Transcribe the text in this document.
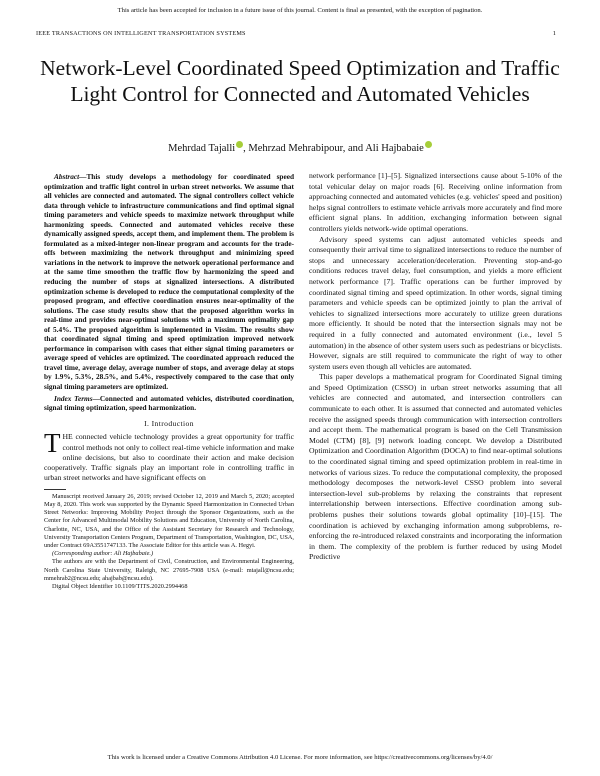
This article has been accepted for inclusion in a future issue of this journal. Content is final as presented, with the exception of pagination.
IEEE TRANSACTIONS ON INTELLIGENT TRANSPORTATION SYSTEMS	1
Network-Level Coordinated Speed Optimization and Traffic Light Control for Connected and Automated Vehicles
Mehrdad Tajalli , Mehrzad Mehrabipour, and Ali Hajbabaie

Abstract—This study develops a methodology for coordinated speed optimization and traffic light control in urban street networks. We assume that all vehicles are connected and automated. The signal controllers collect vehicle data through vehicle to infrastructure communications and find optimal signal timing parameters and vehicle speeds to maximize network throughput while harmonizing speeds. Connected and automated vehicles receive these dynamically assigned speeds, accept them, and implement them. The problem is formulated as a mixed-integer non-linear program and accounts for the trade-offs between maximizing the network throughput and minimizing speed variations in the network to improve the network operational performance and at the same time smoothen the traffic flow by harmonizing the speed and reducing the number of stops at signalized intersections. A distributed optimization scheme is developed to reduce the computational complexity of the proposed program, and effective coordination ensures near-optimality of the solutions. The case study results show that the proposed algorithm works in real-time and provides near-optimal solutions with a maximum optimality gap of 5.4%. The proposed algorithm is implemented in Vissim. The results show that coordinated signal timing and speed optimization improved network performance in comparison with cases that either signal timing parameters or average speed of vehicles are optimized. The coordinated approach reduced the travel time, average delay, average number of stops, and average delay at stops by 1.9%, 5.3%, 28.5%, and 5.4%, respectively compared to the case that only signal timing parameters are optimized.

Index Terms—Connected and automated vehicles, distributed coordination, signal timing optimization, speed harmonization.

I. Introduction

THE connected vehicle technology provides a great opportunity for traffic control methods not only to collect real-time vehicle information and make online decisions, but also to coordinate their action and make decision cooperatively. Traffic signals play an important role in controlling traffic in urban street networks and have significant effects on

Manuscript received January 26, 2019; revised October 12, 2019 and March 5, 2020; accepted May 8, 2020. This work was supported by the Dynamic Speed Harmonization in Connected Urban Street Networks: Improving Mobility Project through the Sponsor Organizations, such as the Center for Advanced Multimodal Mobility Solutions and Education, University of North Carolina, Charlotte, NC, USA, and the Office of the Assistant Secretary for Research and Technology, University Transportation Centers Program, Department of Transportation, Washington, DC, USA, under Contract 69A3551747133. The Associate Editor for this article was A. Hegyi.

(Corresponding author: Ali Hajbabaie.)

The authors are with the Department of Civil, Construction, and Environmental Engineering, North Carolina State University, Raleigh, NC 27695-7908 USA (e-mail: mtajall@ncsu.edu; mmehrab2@ncsu.edu; ahajbab@ncsu.edu).

Digital Object Identifier 10.1109/TITS.2020.2994468

network performance [1]–[5]. Signalized intersections cause about 5-10% of the total vehicular delay on major roads [6]. Receiving online information from approaching connected and automated vehicles (e.g. vehicles' speed and position) helps signal controllers to estimate vehicle arrivals more accurately and find more efficient signal plans. In addition, exchanging information between signal controllers yields network-wide optimal operations.

Advisory speed systems can adjust automated vehicles speeds and consequently their arrival time to signalized intersections to reduce the number of stops and unnecessary acceleration/deceleration. Preventing stop-and-go conditions reduces travel delay, fuel consumption, and yields a more efficient network performance [7]. Traffic operations can be further improved by coordinated signal timing and speed optimization. In other words, signal timing parameters and vehicle speeds can be optimized jointly to plan the arrival of vehicles to signalized intersections more accurately to utilize green durations more efficiently. It should be noted that the intersection signals may not be required in a fully connected and automated environment (i.e., level 5 automation) in the absence of other system users such as pedestrians or bicyclists. However, signals are still required to communicate the right of way to other system users even though all vehicles are automated.

This paper develops a mathematical program for Coordinated Signal timing and Speed Optimization (CSSO) in urban street networks assuming that all vehicles are connected and automated, and intersection controllers can communicate to each other. It is assumed that connected and automated vehicles receive the assigned speeds through communication with intersection controllers and accept them. The mathematical program is based on the Cell Transmission Model (CTM) [8], [9] network loading concept. We develop a Distributed Optimization and Coordination Algorithm (DOCA) to find near-optimal solutions to the coordinated signal timing and speed optimization problem in real-time in networks of various sizes. To reduce the computational complexity, the proposed methodology decomposes the network-level CSSO problem into several intersection-level sub-problems by relaxing the constraints that represent interrelationship between intersections. Effective coordination among sub-problems pushes their solutions towards global optimality [10]–[15]. The coordination is achieved by exchanging information among subproblems, re-enforcing the re-introduced relaxed constraints and incorporating the information in them. The complexity of the problem is further reduced by using Model Predictive

This work is licensed under a Creative Commons Attribution 4.0 License. For more information, see https://creativecommons.org/licenses/by/4.0/
